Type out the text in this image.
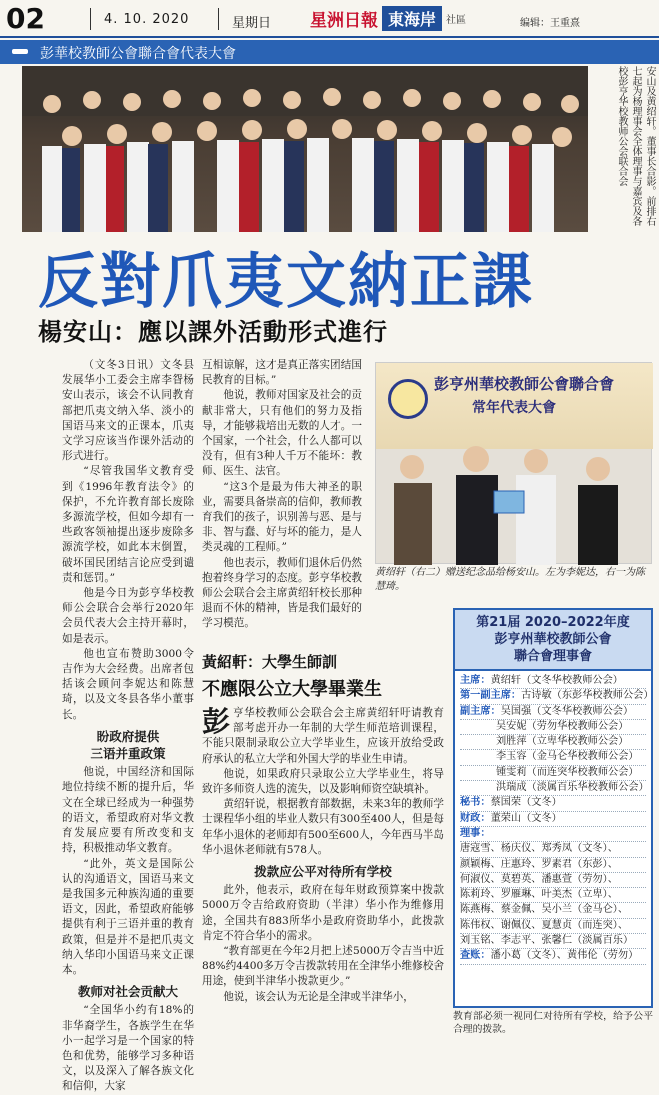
02	4. 10. 2020	星期日 星洲日報 東海岸	社區	编辑：王重熹
彭華校教師公會聯合會代表大會
安山及黄绍轩。董事长合影。前排右七起为杨理事会全体理事与嘉宾及各校彭亨华校教师公会联合会
反對爪夷文納正課
楊安山：應以課外活動形式進行

（文冬3日讯）文冬县发展华小工委会主席李眢杨安山表示，该会不认同教育部把爪夷文纳入华、淡小的国语马来文的正课本，爪夷文学习应该当作课外活动的形式进行。

“尽管我国华文教育受到《1996年教育法令》的保护，不允许教育部长废除多源流学校，但如今却有一些政客领袖提出逐步废除多源流学校，如此本末倒置，破坏国民团结言论应受到谴责和惩罚。”

他是今日为彭亨华校教师公会联合会举行2020年会员代表大会主持开幕时，如是表示。

他也宣布赞助3000令吉作为大会经费。出席者包括该会顾问李妮达和陈慧琦，以及文冬县各华小董事长。

盼政府提供
三语并重政策

他说，中国经济和国际地位持续不断的提升后，华文在全球已经成为一种强势的语文，希望政府对华文教育发展应要有所改变和支持，积极推动华文教育。

“此外，英文是国际公认的沟通语文，国语马来文是我国多元种族沟通的重要语文，因此，希望政府能够提供有利于三语并重的教育政策，但是并不是把爪夷文纳入华印小国语马来文正课本。

教师对社会贡献大

“全国华小约有18%的非华裔学生，各族学生在华小一起学习是一个国家的特色和优势，能够学习多种语文，以及深入了解各族文化和信仰，大家

互相谅解，这才是真正落实团结国民教育的目标。”

他说，教师对国家及社会的贡献非常大，只有他们的努力及指导，才能够栽培出无数的人才。一个国家，一个社会，什么人都可以没有，但有3种人千万不能坏：教师、医生、法官。

“这3个是最为伟大神圣的职业，需要具备崇高的信仰，教师教育我们的孩子，识别善与恶、是与非、智与蠢、好与坏的能力，是人类灵魂的工程师。”

他也表示，教师们退休后仍然抱着终身学习的态度。彭亨华校教师公会联合会主席黄绍轩校长那种退而不休的精神，皆是我们最好的学习模范。

彭亨州華校教師公會聯合會
常年代表大會
黄绍轩（右二）赠送纪念品给杨安山。左为李妮达，右一为陈慧琦。
黃紹軒：大學生師訓
不應限公立大學畢業生
彭 亨华校教师公会联合会主席黄绍轩吁请教育部考虑开办一年制的大学生师范培训课程，不能只限制录取公立大学毕业生，应该开放给受政府承认的私立大学和外国大学的毕业生申请。

他说，如果政府只录取公立大学毕业生，将导致许多师资人选的流失，以及影响师资空缺填补。

黄绍轩说，根据教育部数据，未来3年的教师学士课程华小组的毕业人数只有300至400人，但是每年华小退休的老师却有500至600人，今年西马半岛华小退休老师就有578人。

拨款应公平对待所有学校

此外，他表示，政府在每年财政预算案中拨款5000万令吉给政府资助（半津）华小作为维修用途，全国共有883所华小是政府资助华小，此拨款肯定不符合华小的需求。

“教育部更在今年2月把上述5000万令吉当中近88%约4400多万令吉拨款转用在全津华小维修校舍用途，使到半津华小拨款更少。”

他说，该会认为无论是全津或半津华小，

第21届 2020–2022年度
彭亨州華校教師公會
聯合會理事會
主席：黄绍轩（文冬华校教师公会）
第一副主席：古诗敏（东彭华校教师公会）
副主席：吴国强（文冬华校教师公会）
吴安妮（劳勿华校教师公会）
刘胜萍（立卑华校教师公会）
李玉容（金马仑华校教师公会）
锺雯莉（而连突华校教师公会）
洪瑞成（淡属百乐华校教师公会）
秘书：蔡国荣（文冬）
财政：董荣山（文冬）
理事：
唐寇雪、杨庆仪、郑秀凤（文冬）、
颜颖梅、庄惠玲、罗素君（东彭）、
何淑仪、莫碧英、潘惠萱（劳勿）、
陈莉玲、罗雁琳、叶美杰（立卑）、
陈燕梅、蔡金佩、吴小兰（金马仑）、
陈伟权、谢佩仪、夏慧贞（而连突）、
刘玉铭、李志平、张馨仁（淡属百乐）
查账：潘小葛（文冬）、黄伟伦（劳勿）

教育部必须一视同仁对待所有学校，给予公平合理的拨款。
